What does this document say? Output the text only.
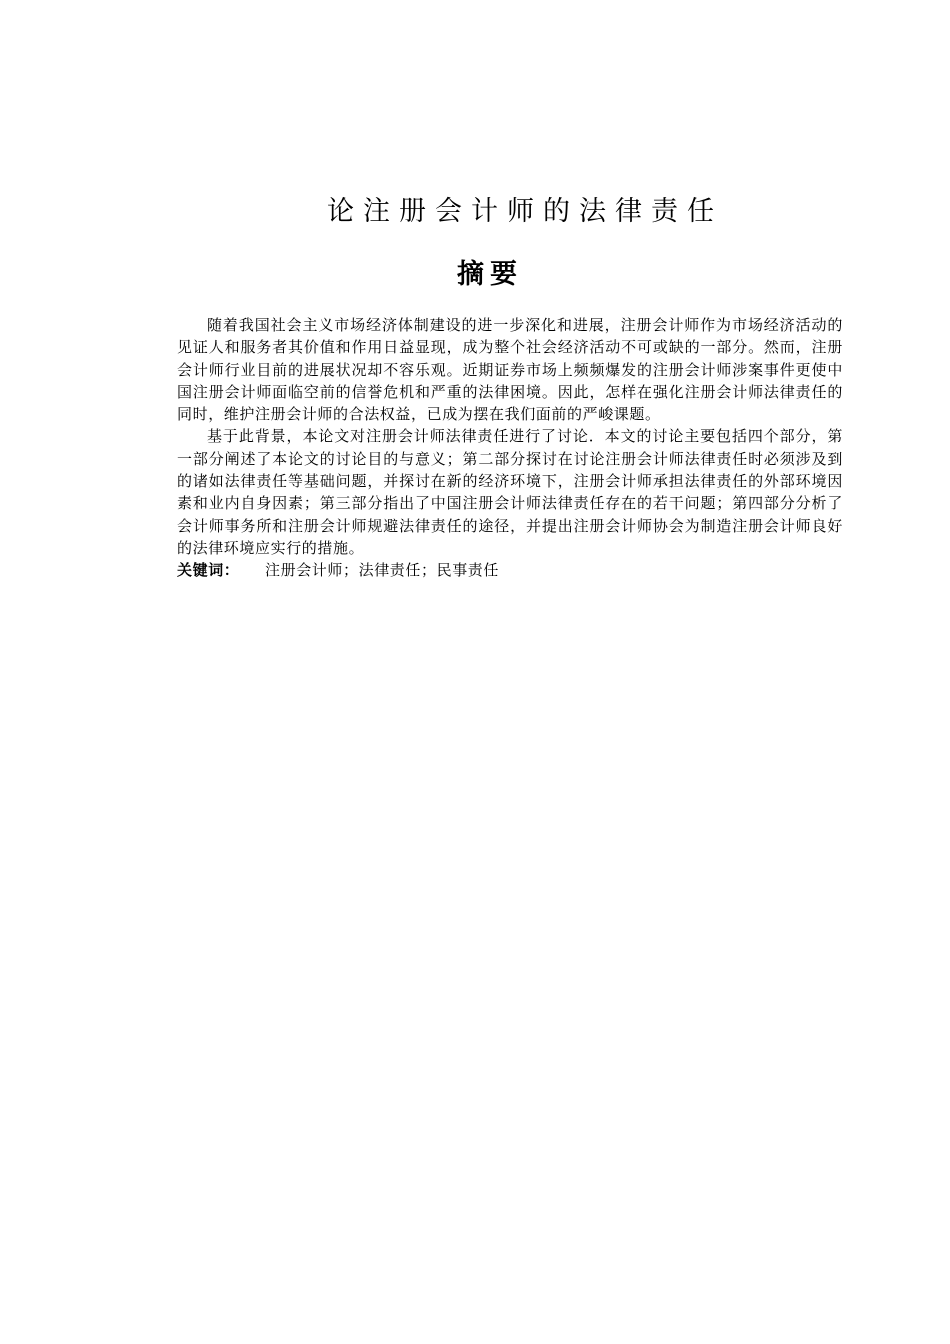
论注册会计师的法律责任
摘要

随着我国社会主义市场经济体制建设的进一步深化和进展，注册会计师作为市场经济活动的见证人和服务者其价值和作用日益显现，成为整个社会经济活动不可或缺的一部分。然而，注册会计师行业目前的进展状况却不容乐观。近期证券市场上频频爆发的注册会计师涉案事件更使中国注册会计师面临空前的信誉危机和严重的法律困境。因此，怎样在强化注册会计师法律责任的同时，维护注册会计师的合法权益，已成为摆在我们面前的严峻课题。

基于此背景，本论文对注册会计师法律责任进行了讨论．本文的讨论主要包括四个部分，第一部分阐述了本论文的讨论目的与意义；第二部分探讨在讨论注册会计师法律责任时必须涉及到的诸如法律责任等基础问题，并探讨在新的经济环境下，注册会计师承担法律责任的外部环境因素和业内自身因素；第三部分指出了中国注册会计师法律责任存在的若干问题；第四部分分析了会计师事务所和注册会计师规避法律责任的途径，并提出注册会计师协会为制造注册会计师良好的法律环境应实行的措施。

关键词： 注册会计师；法律责任；民事责任
